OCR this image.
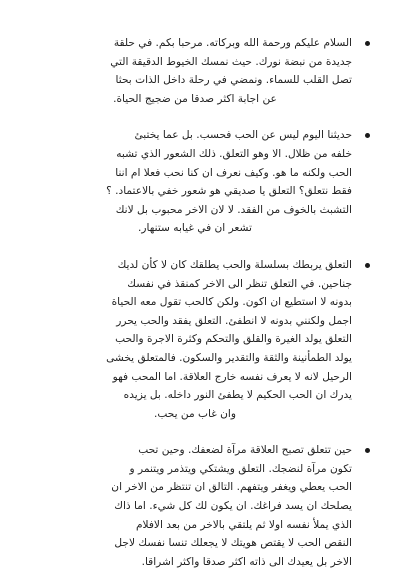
السلام عليكم ورحمة الله وبركاته. مرحبا بكم. في حلقة
جديدة من نبضة نورك. حيث نمسك الخيوط الدقيقة التي
تصل القلب للسماء. ونمضي في رحلة داخل الذات بحثا
عن اجابة اكثر صدقا من ضجيج الحياة.
حديثنا اليوم ليس عن الحب فحسب. بل عما يختبئ
خلفه من ظلال. الا وهو التعلق. ذلك الشعور الذي تشبه
الحب ولكنه ما هو. وكيف نعرف ان كنا نحب فعلا ام اننا
فقط نتعلق؟ التعلق يا صديقي هو شعور خفي بالاعتماد. ؟
التشبث بالخوف من الفقد. لا لان الاخر محبوب بل لانك
تشعر ان في غيابه ستنهار.
التعلق يربطك بسلسلة والحب يطلقك كان لا كأن لديك
جناحين. في التعلق تنظر الى الاخر كمنقذ في نفسك
بدونه لا استطيع ان اكون. ولكن كالحب تقول معه الحياة
اجمل ولكنني بدونه لا انطفئ. التعلق يفقد والحب يحرر
التعلق يولد الغيرة والقلق والتحكم وكثرة الاجرة والحب
يولد الطمأنينة والثقة والتقدير والسكون. فالمتعلق يخشى
الرحيل لانه لا يعرف نفسه خارج العلاقة. اما المحب فهو
يدرك ان الحب الحكيم لا يطفئ النور داخله. بل يزيده
وان غاب من يحب.
حين تتعلق تصبح العلاقة مرآة لضعفك. وحين تحب
تكون مرآة لنضجك. التعلق ويشتكي ويتذمر ويتنمر و
الحب يعطي ويغفر ويتفهم. التالق ان تنتظر من الاخر ان
يصلحك ان يسد فراغك. ان يكون لك كل شيء. اما ذاك
الذي يملأ نفسه اولا ثم يلتقي بالاخر من بعد الافلام
النقص الحب لا يقتص هويتك لا يجعلك تنسا نفسك لاجل
الاخر بل يعيدك الى ذاته اكثر صدقا واكثر اشراقا.
